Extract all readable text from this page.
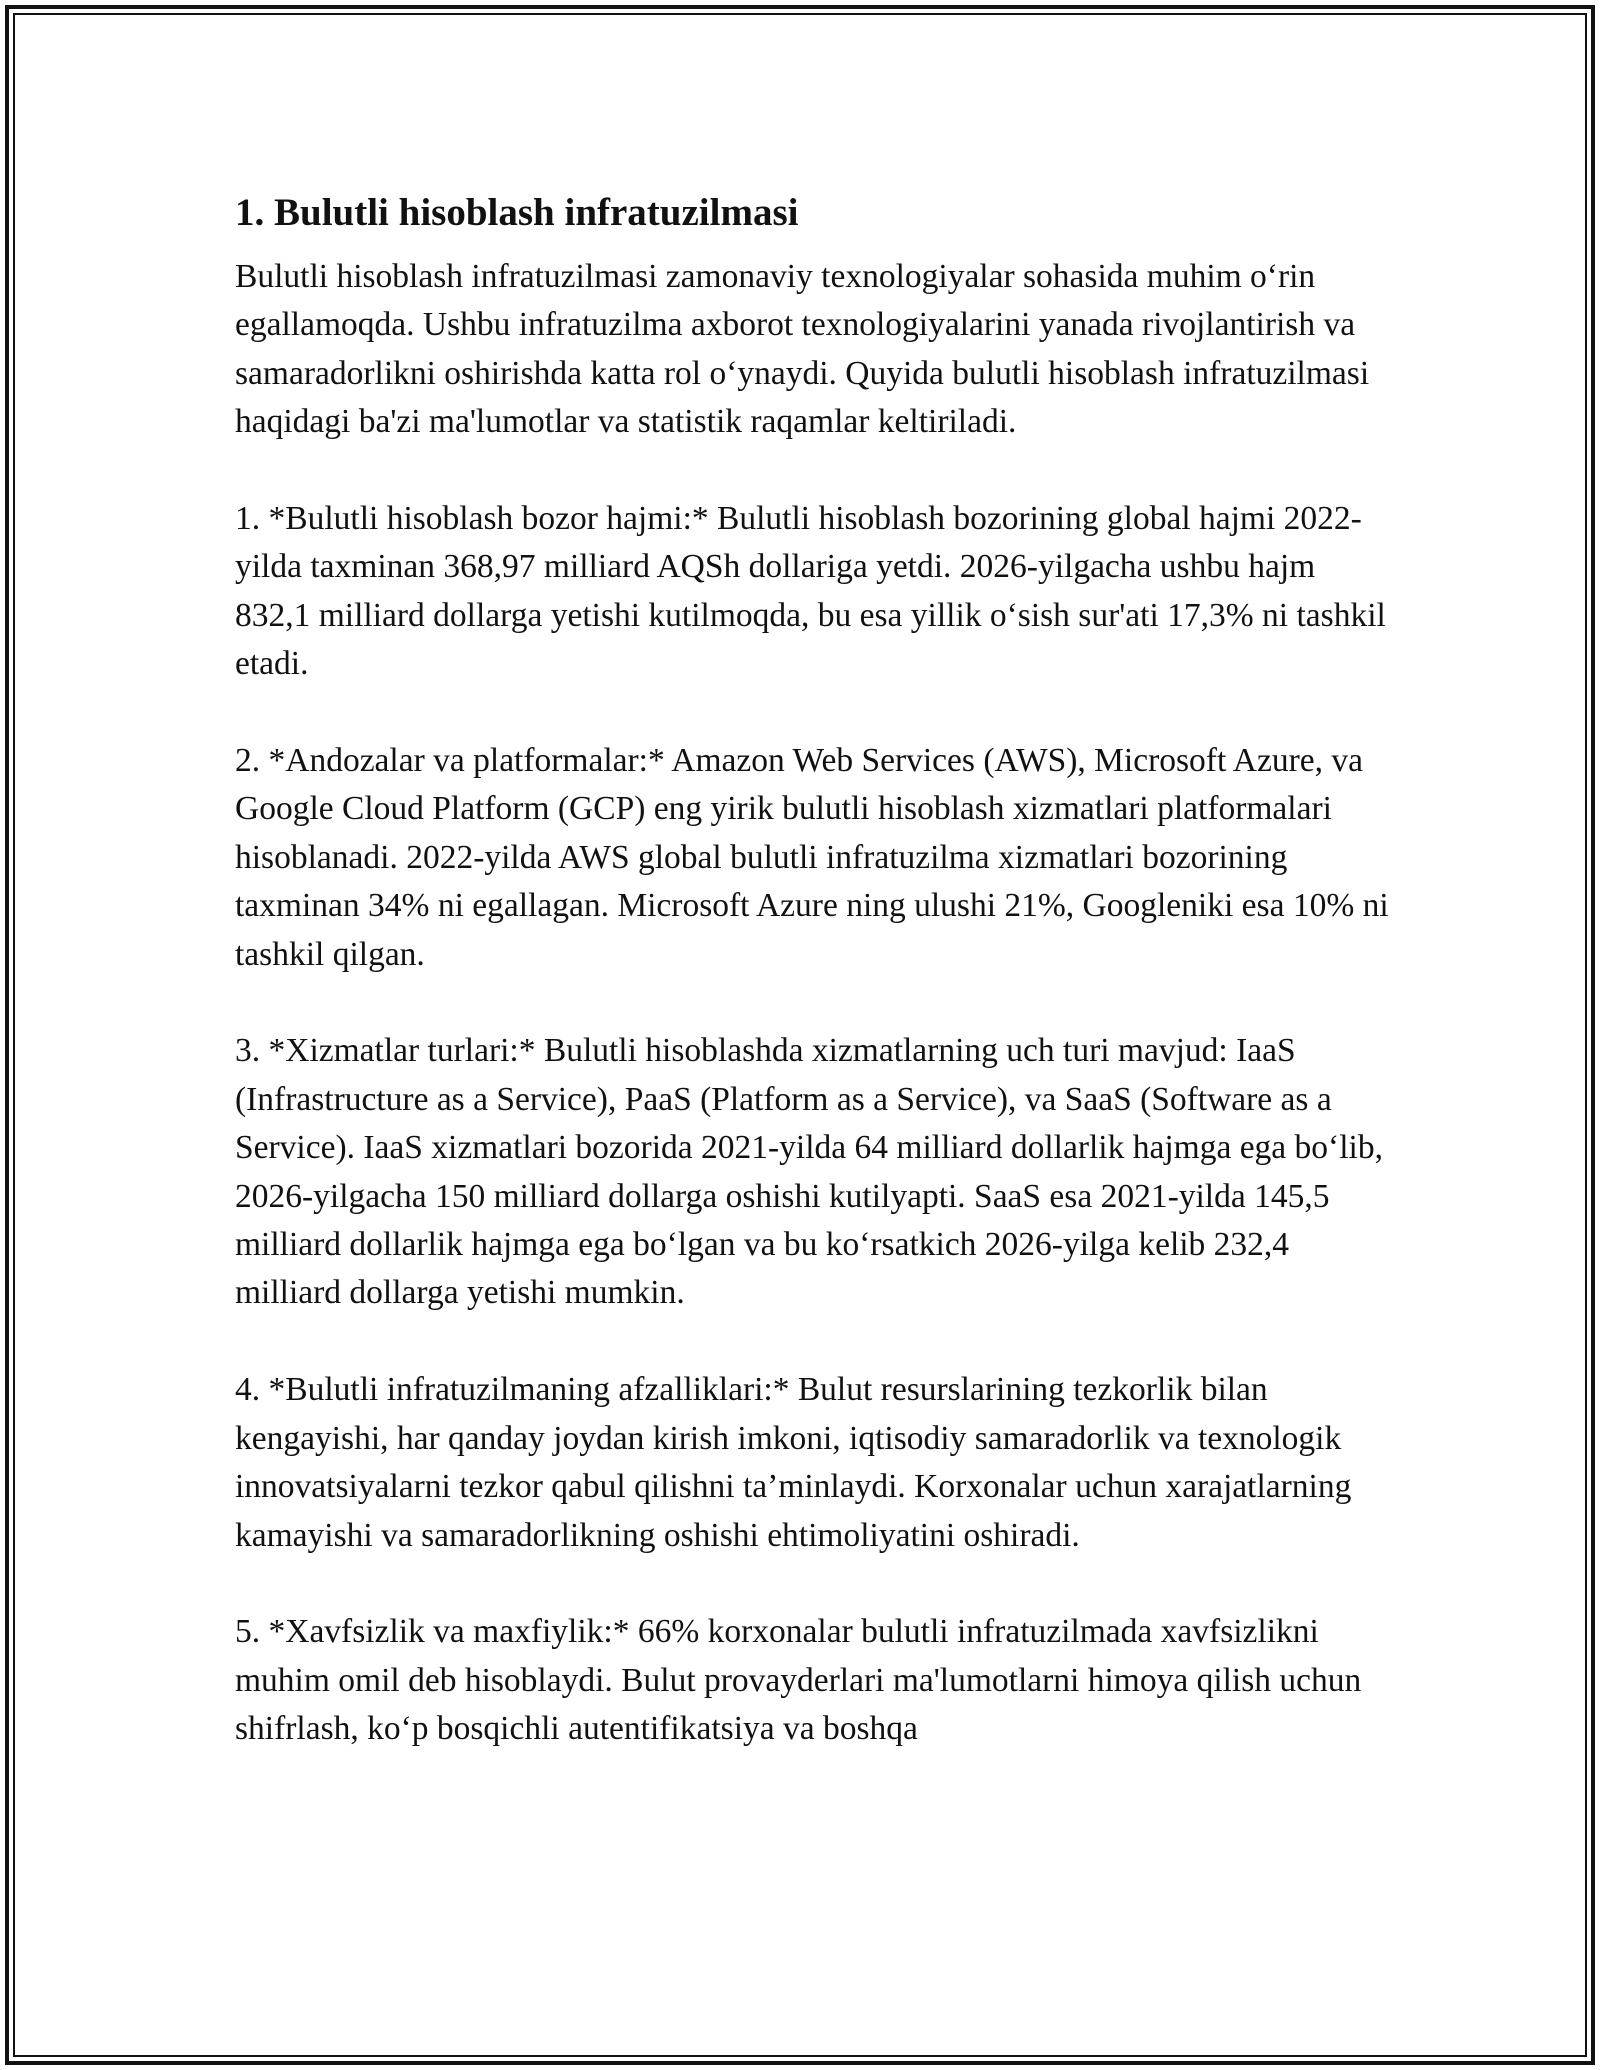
1. Bulutli hisoblash infratuzilmasi

Bulutli hisoblash infratuzilmasi zamonaviy texnologiyalar sohasida muhim o‘rin egallamoqda. Ushbu infratuzilma axborot texnologiyalarini yanada rivojlantirish va samaradorlikni oshirishda katta rol o‘ynaydi. Quyida bulutli hisoblash infratuzilmasi haqidagi ba'zi ma'lumotlar va statistik raqamlar keltiriladi.

1. *Bulutli hisoblash bozor hajmi:* Bulutli hisoblash bozorining global hajmi 2022-yilda taxminan 368,97 milliard AQSh dollariga yetdi. 2026-yilgacha ushbu hajm 832,1 milliard dollarga yetishi kutilmoqda, bu esa yillik o‘sish sur'ati 17,3% ni tashkil etadi.

2. *Andozalar va platformalar:* Amazon Web Services (AWS), Microsoft Azure, va Google Cloud Platform (GCP) eng yirik bulutli hisoblash xizmatlari platformalari hisoblanadi. 2022-yilda AWS global bulutli infratuzilma xizmatlari bozorining taxminan 34% ni egallagan. Microsoft Azure ning ulushi 21%, Googleniki esa 10% ni tashkil qilgan.

3. *Xizmatlar turlari:* Bulutli hisoblashda xizmatlarning uch turi mavjud: IaaS (Infrastructure as a Service), PaaS (Platform as a Service), va SaaS (Software as a Service). IaaS xizmatlari bozorida 2021-yilda 64 milliard dollarlik hajmga ega bo‘lib, 2026-yilgacha 150 milliard dollarga oshishi kutilyapti. SaaS esa 2021-yilda 145,5 milliard dollarlik hajmga ega bo‘lgan va bu ko‘rsatkich 2026-yilga kelib 232,4 milliard dollarga yetishi mumkin.

4. *Bulutli infratuzilmaning afzalliklari:* Bulut resurslarining tezkorlik bilan kengayishi, har qanday joydan kirish imkoni, iqtisodiy samaradorlik va texnologik innovatsiyalarni tezkor qabul qilishni ta’minlaydi. Korxonalar uchun xarajatlarning kamayishi va samaradorlikning oshishi ehtimoliyatini oshiradi.

5. *Xavfsizlik va maxfiylik:* 66% korxonalar bulutli infratuzilmada xavfsizlikni muhim omil deb hisoblaydi. Bulut provayderlari ma'lumotlarni himoya qilish uchun shifrlash, ko‘p bosqichli autentifikatsiya va boshqa
